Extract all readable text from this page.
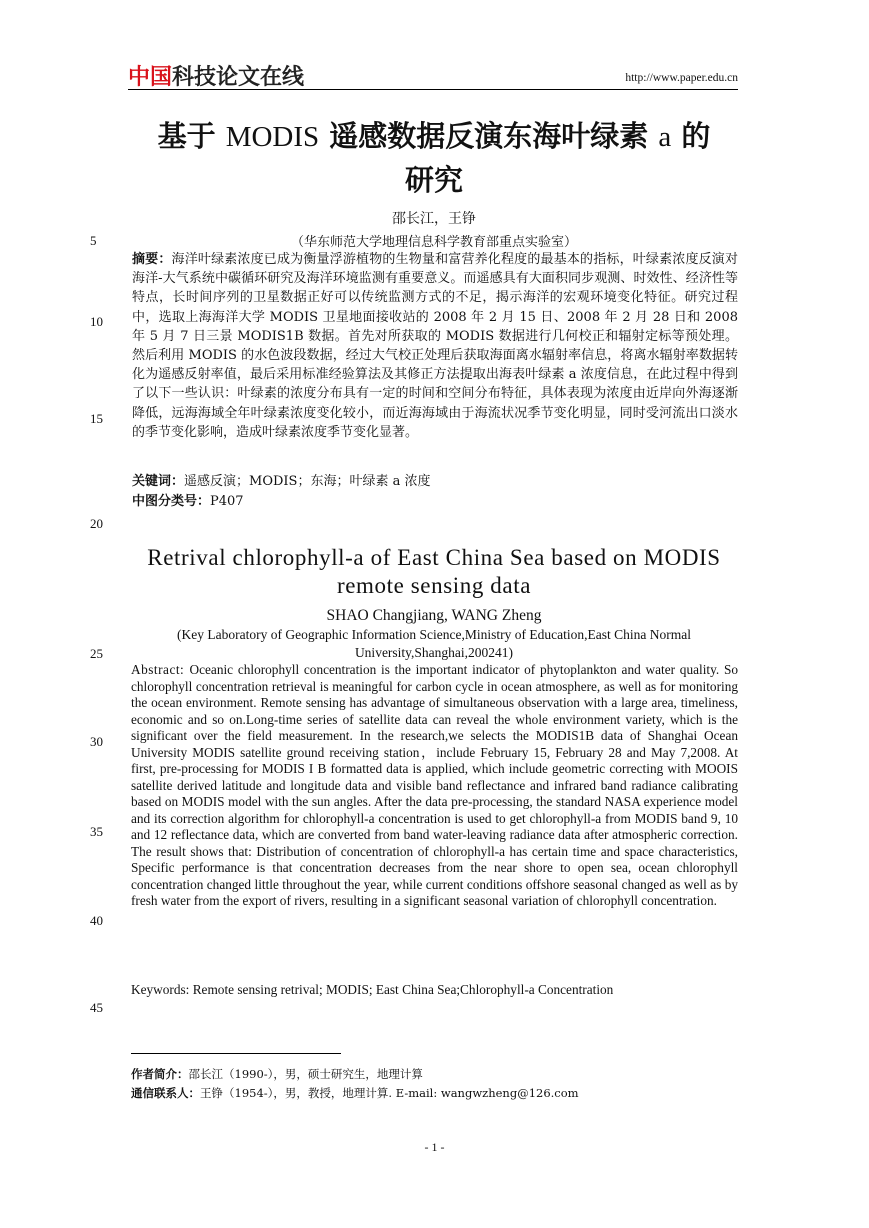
中国科技论文在线	http://www.paper.edu.cn
基于 MODIS 遥感数据反演东海叶绿素 a 的
研究
邵长江，王铮
（华东师范大学地理信息科学教育部重点实验室）
5
10
15
20
25
30
35
40
45
摘要：海洋叶绿素浓度已成为衡量浮游植物的生物量和富营养化程度的最基本的指标，叶绿素浓度反演对海洋-大气系统中碳循环研究及海洋环境监测有重要意义。而遥感具有大面积同步观测、时效性、经济性等特点，长时间序列的卫星数据正好可以传统监测方式的不足，揭示海洋的宏观环境变化特征。研究过程中，选取上海海洋大学 MODIS 卫星地面接收站的 2008 年 2 月 15 日、2008 年 2 月 28 日和 2008 年 5 月 7 日三景 MODIS1B 数据。首先对所获取的 MODIS 数据进行几何校正和辐射定标等预处理。然后利用 MODIS 的水色波段数据，经过大气校正处理后获取海面离水辐射率信息，将离水辐射率数据转化为遥感反射率值，最后采用标准经验算法及其修正方法提取出海表叶绿素 a 浓度信息，在此过程中得到了以下一些认识：叶绿素的浓度分布具有一定的时间和空间分布特征，具体表现为浓度由近岸向外海逐渐降低，远海海域全年叶绿素浓度变化较小，而近海海域由于海流状况季节变化明显，同时受河流出口淡水的季节变化影响，造成叶绿素浓度季节变化显著。
关键词：遥感反演；MODIS；东海；叶绿素 a 浓度
中图分类号：P407
Retrival chlorophyll-a of East China Sea based on MODIS
remote sensing data
SHAO Changjiang, WANG Zheng
(Key Laboratory of Geographic Information Science,Ministry of Education,East China Normal
University,Shanghai,200241)
Abstract: Oceanic chlorophyll concentration is the important indicator of phytoplankton and water quality. So chlorophyll concentration retrieval is meaningful for carbon cycle in ocean atmosphere, as well as for monitoring the ocean environment. Remote sensing has advantage of simultaneous observation with a large area, timeliness, economic and so on.Long-time series of satellite data can reveal the whole environment variety, which is the significant over the field measurement. In the research,we selects the MODIS1B data of Shanghai Ocean University MODIS satellite ground receiving station，include February 15, February 28 and May 7,2008. At first, pre-processing for MODIS I B formatted data is applied, which include geometric correcting with MOOIS satellite derived latitude and longitude data and visible band reflectance and infrared band radiance calibrating based on MODIS model with the sun angles. After the data pre-processing, the standard NASA experience model and its correction algorithm for chlorophyll-a concentration is used to get chlorophyll-a from MODIS band 9, 10 and 12 reflectance data, which are converted from band water-leaving radiance data after atmospheric correction. The result shows that: Distribution of concentration of chlorophyll-a has certain time and space characteristics, Specific performance is that concentration decreases from the near shore to open sea, ocean chlorophyll concentration changed little throughout the year, while current conditions offshore seasonal changed as well as by fresh water from the export of rivers, resulting in a significant seasonal variation of chlorophyll concentration.
Keywords: Remote sensing retrival; MODIS; East China Sea;Chlorophyll-a Concentration
作者简介：邵长江（1990-），男，硕士研究生，地理计算
通信联系人：王铮（1954-），男，教授，地理计算. E-mail: wangwzheng@126.com
- 1 -
